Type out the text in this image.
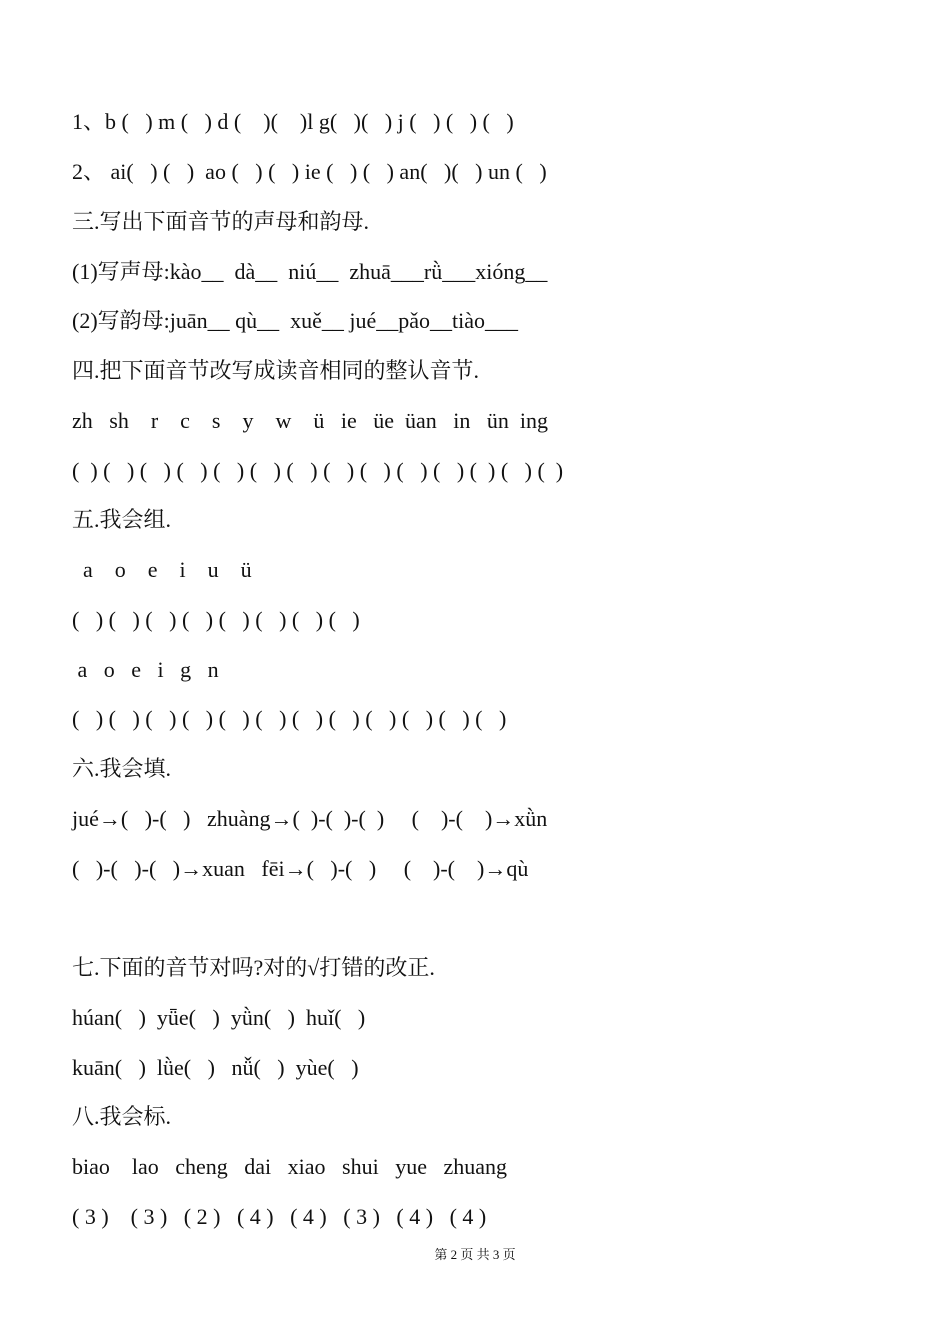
1、b (   ) m (   ) d (    )(    )l g(   )(   ) j (   ) (   ) (   )
2、 ai(   ) (   )  ao (   ) (   ) ie (   ) (   ) an(   )(   ) un (   )
三.写出下面音节的声母和韵母.
(1)写声母:kào__  dà__  niú__  zhuā___rǜ___xióng__
(2)写韵母:juān__ qù__  xuě__ jué__pǎo__tiào___
四.把下面音节改写成读音相同的整认音节.
zh   sh    r    c    s    y    w    ü   ie   üe  üan   in   ün  ing
(  ) (   ) (   ) (   ) (   ) (   ) (   ) (   ) (   ) (   ) (   ) (  ) (   ) (  )
五.我会组.
a    o    e    i    u    ü
(   ) (   ) (   ) (   ) (   ) (   ) (   ) (   )
a   o   e   i   g   n
(   ) (   ) (   ) (   ) (   ) (   ) (   ) (   ) (   ) (   ) (   ) (   )
六.我会填.
jué→(   )-(   )   zhuàng→(  )-(  )-(  )     (    )-(    )→xǜn
(   )-(   )-(   )→xuan   fēi→(   )-(   )     (    )-(    )→qù
七.下面的音节对吗?对的√打错的改正.
húan(   )  yǖe(   )  yǜn(   )  huǐ(   )
kuān(   )  lǜe(   )   nǚ(   )  yùe(   )
八.我会标.
biao    lao   cheng   dai   xiao   shui   yue   zhuang
( 3 )    ( 3 )   ( 2 )   ( 4 )   ( 4 )   ( 3 )   ( 4 )   ( 4 )
第 2 页 共 3 页
